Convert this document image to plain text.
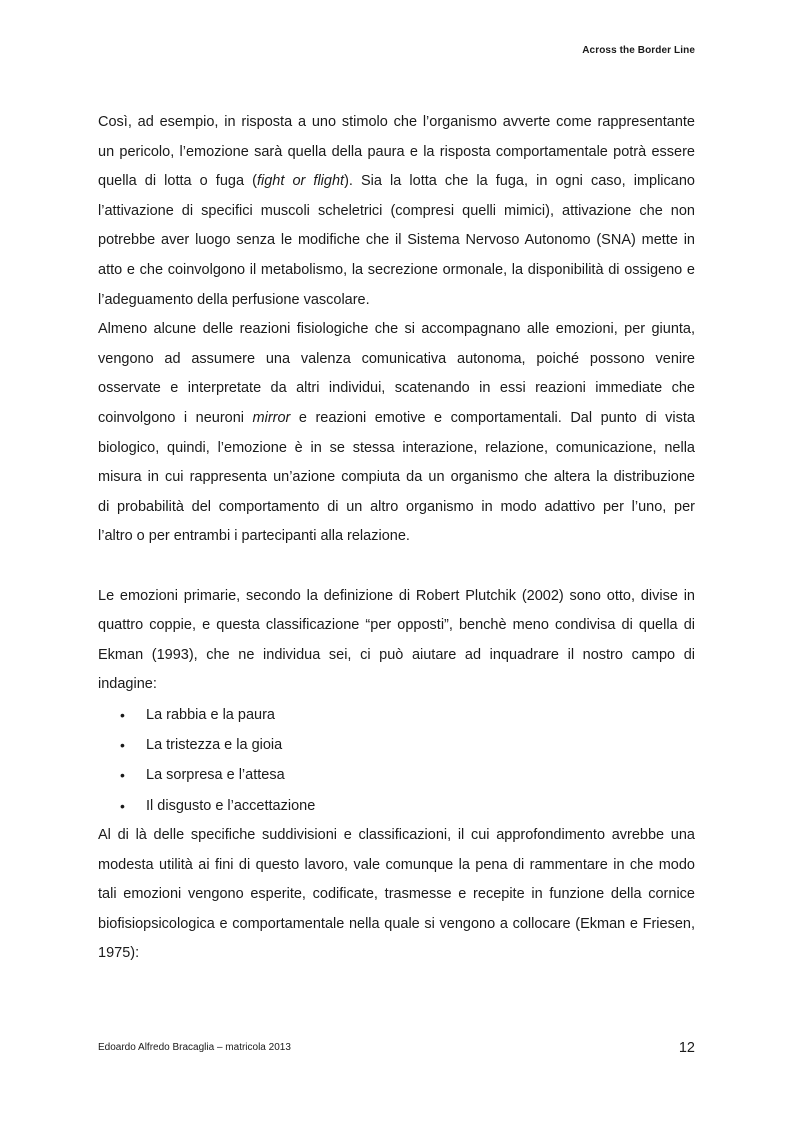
Across the Border Line
Così, ad esempio, in risposta a uno stimolo che l’organismo avverte come rappresentante
un pericolo, l’emozione sarà quella della paura e la risposta comportamentale potrà essere
quella di lotta o fuga (fight or flight). Sia la lotta che la fuga, in ogni caso, implicano
l’attivazione di specifici muscoli scheletrici (compresi quelli mimici), attivazione che non
potrebbe aver luogo senza le modifiche che il Sistema Nervoso Autonomo (SNA) mette in
atto e che coinvolgono il metabolismo, la secrezione ormonale, la disponibilità di ossigeno e
l’adeguamento della perfusione vascolare.
Almeno alcune delle reazioni fisiologiche che si accompagnano alle emozioni, per giunta,
vengono ad assumere una valenza comunicativa autonoma, poiché possono venire
osservate e interpretate da altri individui, scatenando in essi reazioni immediate che
coinvolgono i neuroni mirror e reazioni emotive e comportamentali. Dal punto di vista
biologico, quindi, l’emozione è in se stessa interazione, relazione, comunicazione, nella
misura in cui rappresenta un’azione compiuta da un organismo che altera la distribuzione
di probabilità del comportamento di un altro organismo in modo adattivo per l’uno, per
l’altro o per entrambi i partecipanti alla relazione.
Le emozioni primarie, secondo la definizione di Robert Plutchik (2002) sono otto, divise in
quattro coppie, e questa classificazione “per opposti”, benchè meno condivisa di quella di
Ekman (1993), che ne individua sei, ci può aiutare ad inquadrare il nostro campo di
indagine:
• La rabbia e la paura
• La tristezza e la gioia
• La sorpresa e l’attesa
• Il disgusto e l’accettazione
Al di là delle specifiche suddivisioni e classificazioni, il cui approfondimento avrebbe una
modesta utilità ai fini di questo lavoro, vale comunque la pena di rammentare in che modo
tali emozioni vengono esperite, codificate, trasmesse e recepite in funzione della cornice
biofisiopsicologica e comportamentale nella quale si vengono a collocare (Ekman e Friesen,
1975):
Edoardo Alfredo Bracaglia – matricola 2013	12
